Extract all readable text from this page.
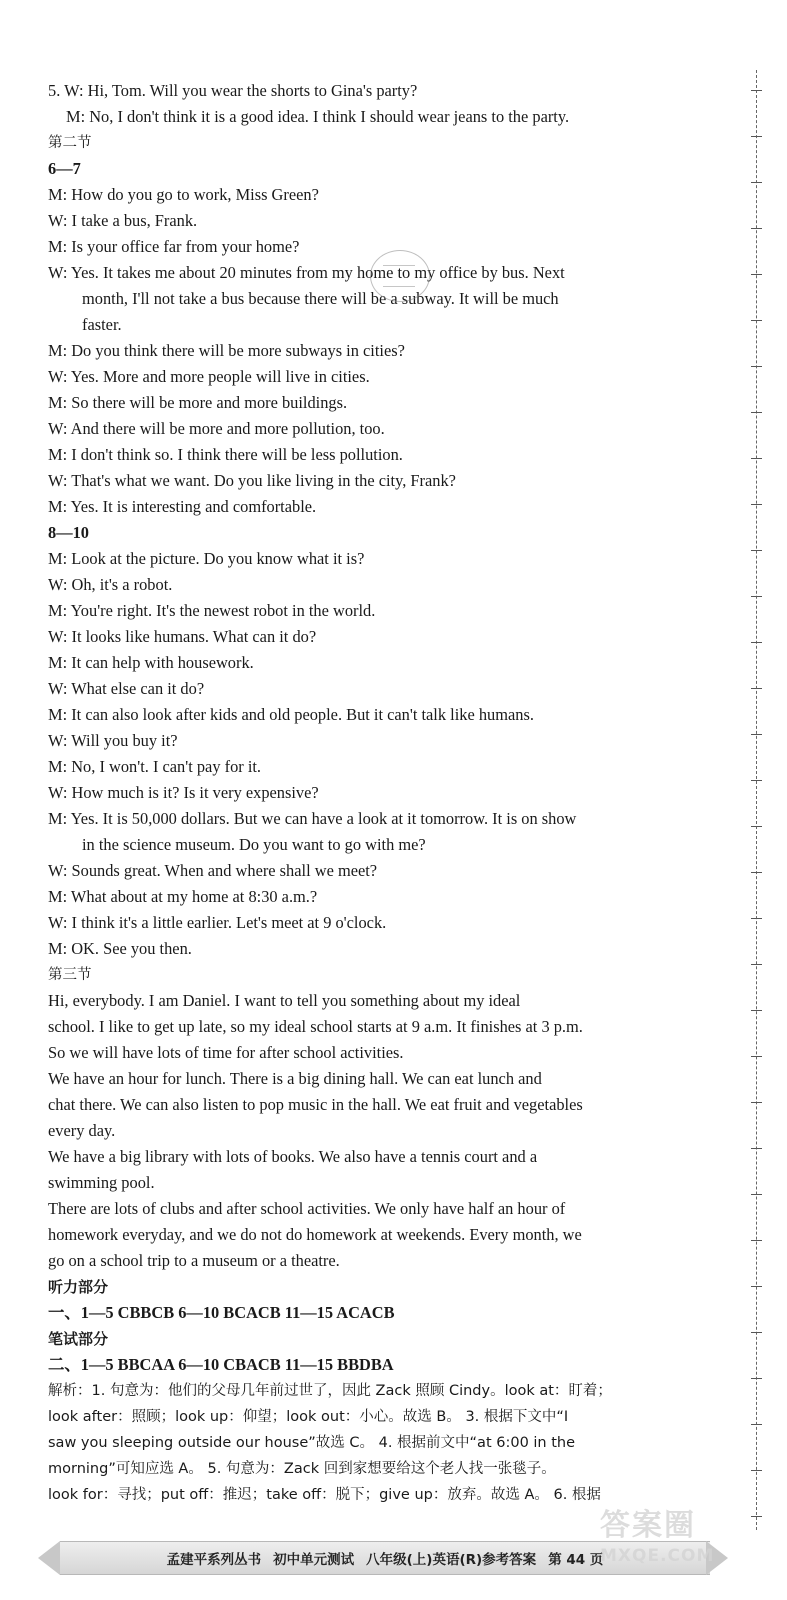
5. W: Hi, Tom. Will you wear the shorts to Gina's party?
M: No, I don't think it is a good idea. I think I should wear jeans to the party.
第二节
6—7
M: How do you go to work, Miss Green?
W: I take a bus, Frank.
M: Is your office far from your home?
W: Yes. It takes me about 20 minutes from my home to my office by bus. Next
month, I'll not take a bus because there will be a subway. It will be much
faster.
M: Do you think there will be more subways in cities?
W: Yes. More and more people will live in cities.
M: So there will be more and more buildings.
W: And there will be more and more pollution, too.
M: I don't think so. I think there will be less pollution.
W: That's what we want. Do you like living in the city, Frank?
M: Yes. It is interesting and comfortable.
8—10
M: Look at the picture. Do you know what it is?
W: Oh, it's a robot.
M: You're right. It's the newest robot in the world.
W: It looks like humans. What can it do?
M: It can help with housework.
W: What else can it do?
M: It can also look after kids and old people. But it can't talk like humans.
W: Will you buy it?
M: No, I won't. I can't pay for it.
W: How much is it? Is it very expensive?
M: Yes. It is 50,000 dollars. But we can have a look at it tomorrow. It is on show
in the science museum. Do you want to go with me?
W: Sounds great. When and where shall we meet?
M: What about at my home at 8:30 a.m.?
W: I think it's a little earlier. Let's meet at 9 o'clock.
M: OK. See you then.
第三节
Hi, everybody. I am Daniel. I want to tell you something about my ideal
school. I like to get up late, so my ideal school starts at 9 a.m. It finishes at 3 p.m.
So we will have lots of time for after school activities.
We have an hour for lunch. There is a big dining hall. We can eat lunch and
chat there. We can also listen to pop music in the hall. We eat fruit and vegetables
every day.
We have a big library with lots of books. We also have a tennis court and a
swimming pool.
There are lots of clubs and after school activities. We only have half an hour of
homework everyday, and we do not do homework at weekends. Every month, we
go on a school trip to a museum or a theatre.
听力部分
一、1—5 CBBCB 6—10 BCACB 11—15 ACACB
笔试部分
二、1—5 BBCAA 6—10 CBACB 11—15 BBDBA
解析：1. 句意为：他们的父母几年前过世了，因此 Zack 照顾 Cindy。look at：盯着；
look after：照顾；look up：仰望；look out：小心。故选 B。 3. 根据下文中“I
saw you sleeping outside our house”故选 C。 4. 根据前文中“at 6:00 in the
morning”可知应选 A。 5. 句意为：Zack 回到家想要给这个老人找一张毯子。
look for：寻找；put off：推迟；take off：脱下；give up：放弃。故选 A。 6. 根据
孟建平系列丛书 初中单元测试 八年级(上)英语(R)参考答案 第 44 页
答案圈
MXQE.COM
